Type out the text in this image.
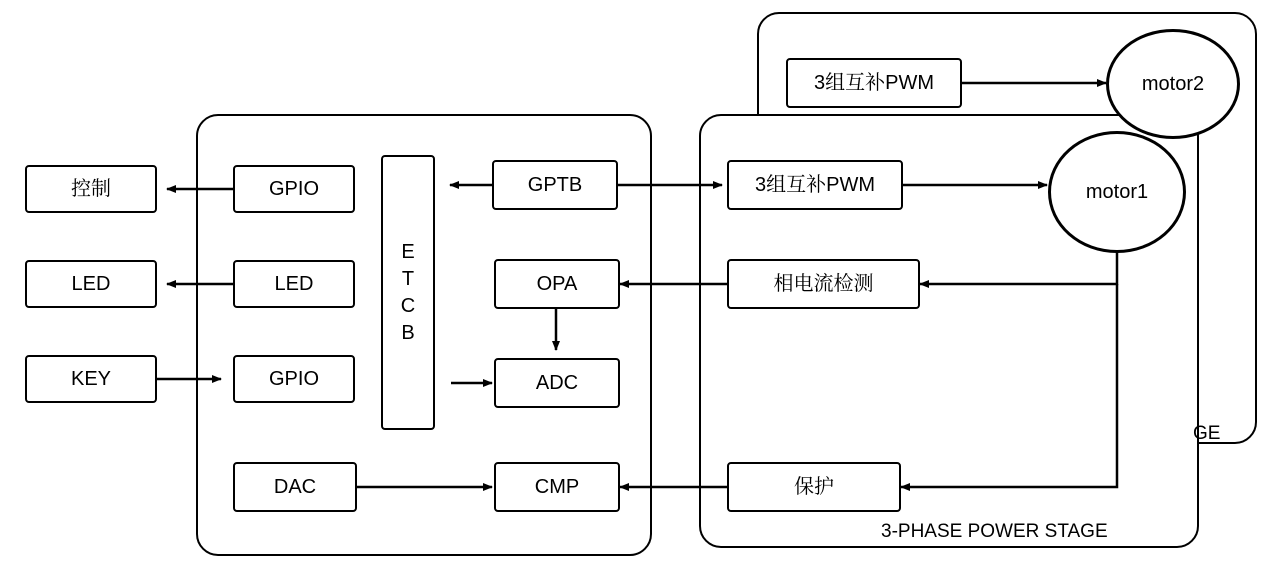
控制
LED
KEY
GPIO
LED
GPIO
E
T
C
B
GPTB
OPA
ADC
DAC	CMP
3组互补PWM
3组互补PWM
相电流检测
保护
motor2
motor1
GE
3-PHASE POWER STAGE
